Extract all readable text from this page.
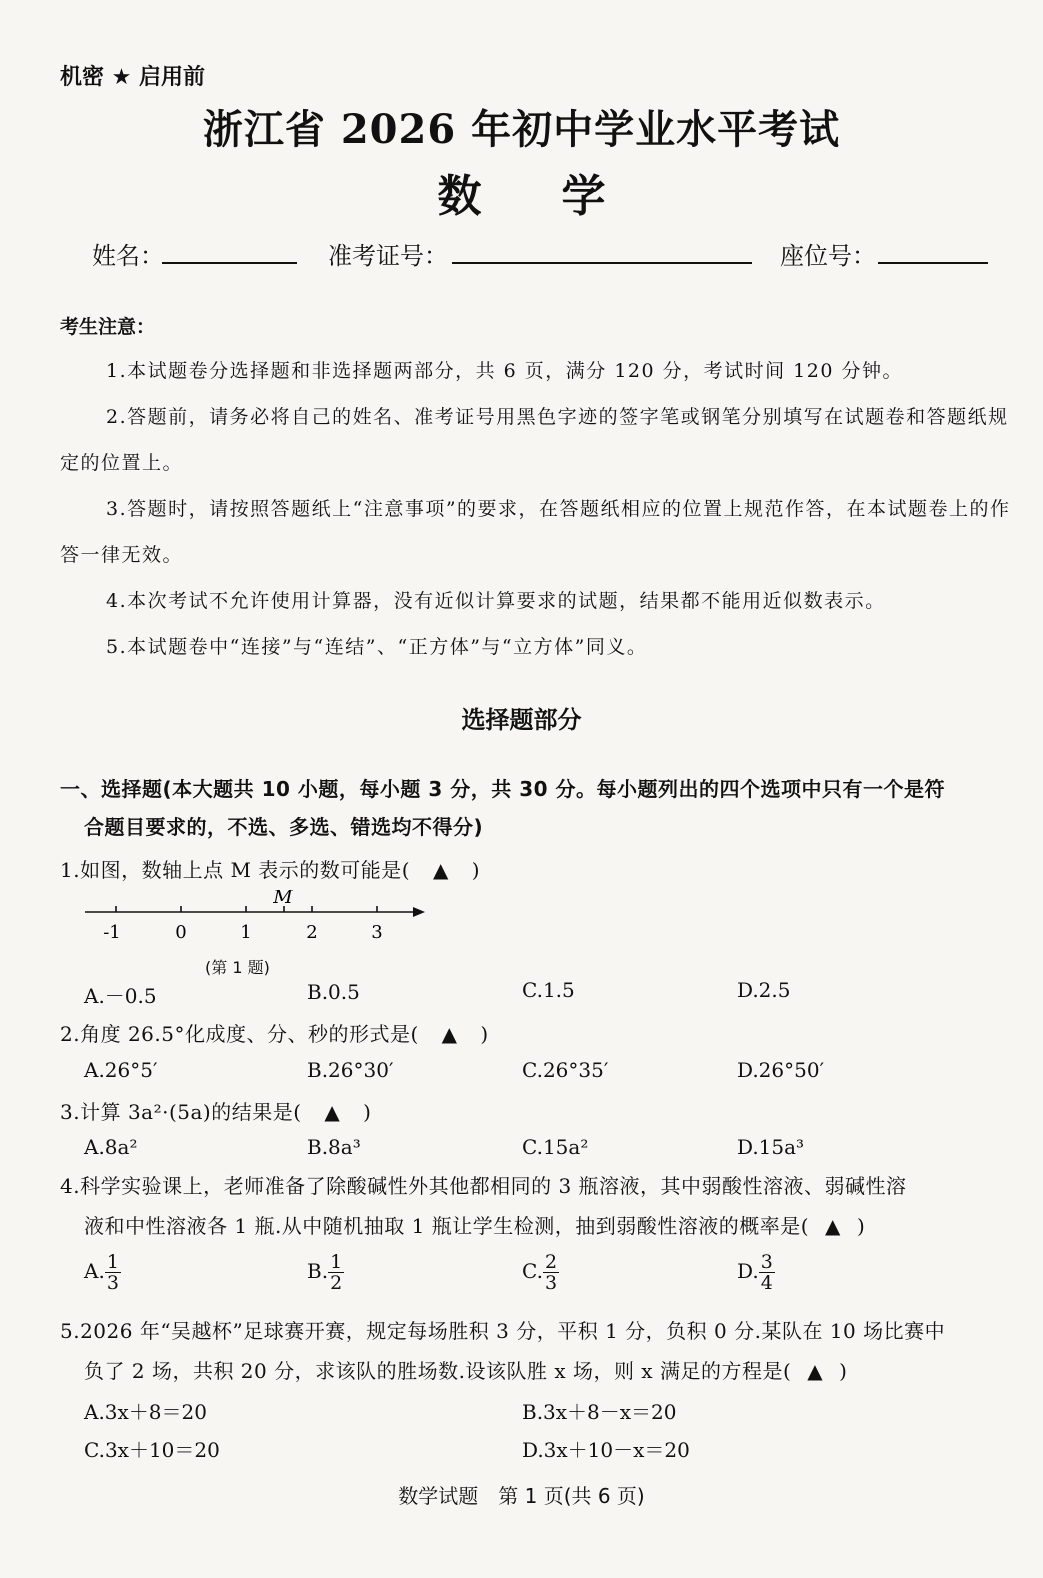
机密 ★ 启用前
浙江省 2026 年初中学业水平考试
数学
姓名：	准考证号：	座位号：
考生注意：
1.本试题卷分选择题和非选择题两部分，共 6 页，满分 120 分，考试时间 120 分钟。
2.答题前，请务必将自己的姓名、准考证号用黑色字迹的签字笔或钢笔分别填写在试题卷和答题纸规定的位置上。
3.答题时，请按照答题纸上“注意事项”的要求，在答题纸相应的位置上规范作答，在本试题卷上的作答一律无效。
4.本次考试不允许使用计算器，没有近似计算要求的试题，结果都不能用近似数表示。
5.本试题卷中“连接”与“连结”、“正方体”与“立方体”同义。
选择题部分
一、选择题(本大题共 10 小题，每小题 3 分，共 30 分。每小题列出的四个选项中只有一个是符
合题目要求的，不选、多选、错选均不得分)
1.如图，数轴上点 M 表示的数可能是( ▲ )
M
-1	0	1	2	3
(第 1 题)
A.－0.5	B.0.5	C.1.5	D.2.5
2.角度 26.5°化成度、分、秒的形式是( ▲ )
A.26°5′	B.26°30′	C.26°35′	D.26°50′
3.计算 3a²·(5a)的结果是( ▲ )
A.8a²	B.8a³	C.15a²	D.15a³
4.科学实验课上，老师准备了除酸碱性外其他都相同的 3 瓶溶液，其中弱酸性溶液、弱碱性溶
液和中性溶液各 1 瓶.从中随机抽取 1 瓶让学生检测，抽到弱酸性溶液的概率是( ▲ )
A. $\frac{1}{3}$	B. $\frac{1}{2}$	C. $\frac{2}{3}$	D. $\frac{3}{4}$
5.2026 年“吴越杯”足球赛开赛，规定每场胜积 3 分，平积 1 分，负积 0 分.某队在 10 场比赛中
负了 2 场，共积 20 分，求该队的胜场数.设该队胜 x 场，则 x 满足的方程是( ▲ )
A.3x＋8＝20	B.3x＋8－x＝20
C.3x＋10＝20	D.3x＋10－x＝20
数学试题　第 1 页(共 6 页)
